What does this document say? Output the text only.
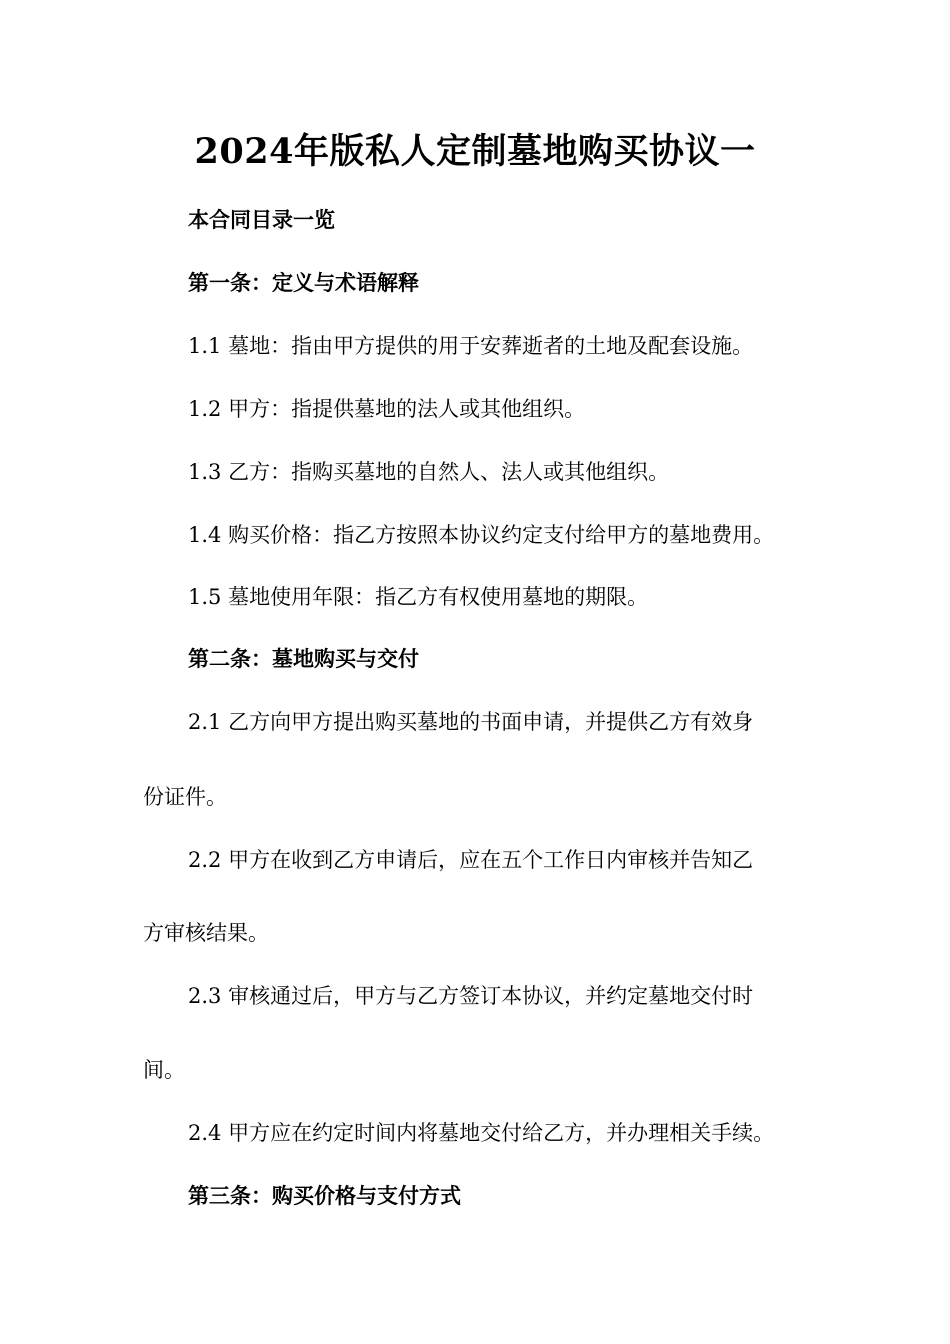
2024年版私人定制墓地购买协议一
本合同目录一览
第一条：定义与术语解释
1.1 墓地：指由甲方提供的用于安葬逝者的土地及配套设施。
1.2 甲方：指提供墓地的法人或其他组织。
1.3 乙方：指购买墓地的自然人、法人或其他组织。
1.4 购买价格：指乙方按照本协议约定支付给甲方的墓地费用。
1.5 墓地使用年限：指乙方有权使用墓地的期限。
第二条：墓地购买与交付
2.1 乙方向甲方提出购买墓地的书面申请，并提供乙方有效身
份证件。
2.2 甲方在收到乙方申请后，应在五个工作日内审核并告知乙
方审核结果。
2.3 审核通过后，甲方与乙方签订本协议，并约定墓地交付时
间。
2.4 甲方应在约定时间内将墓地交付给乙方，并办理相关手续。
第三条：购买价格与支付方式
